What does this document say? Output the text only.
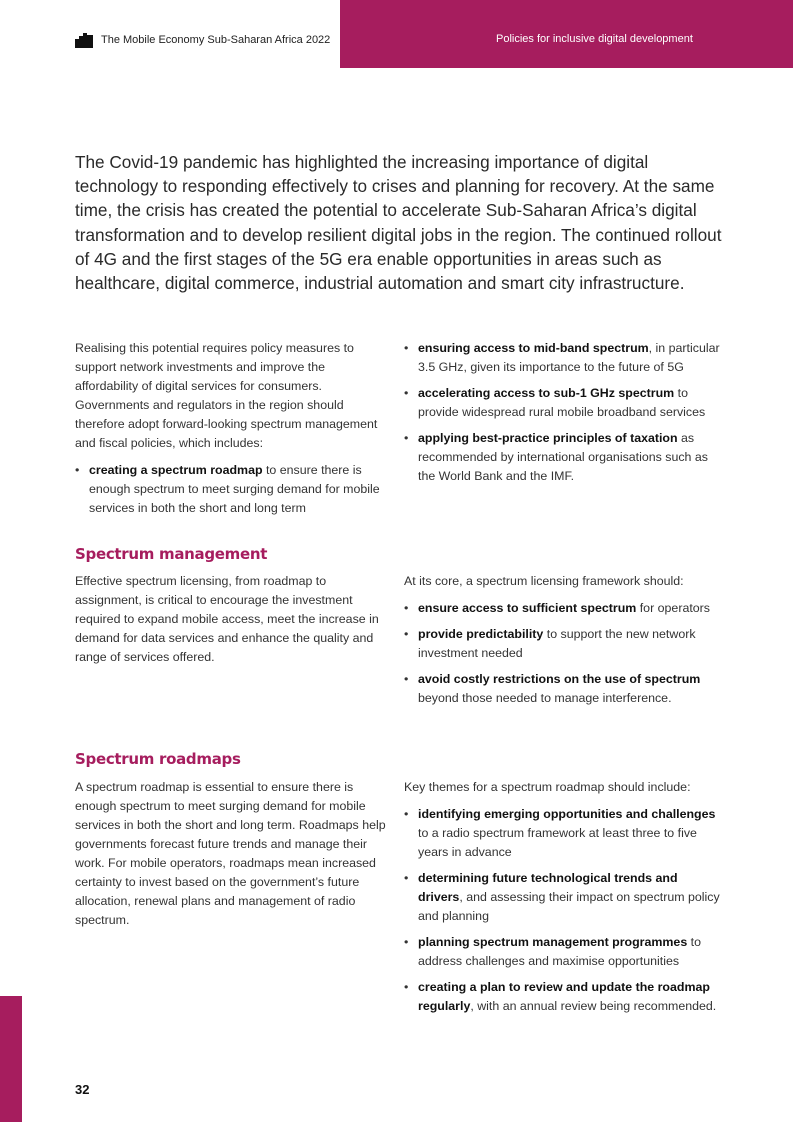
The Mobile Economy Sub-Saharan Africa 2022	Policies for inclusive digital development

The Covid-19 pandemic has highlighted the increasing importance of digital technology to responding effectively to crises and planning for recovery. At the same time, the crisis has created the potential to accelerate Sub-Saharan Africa’s digital transformation and to develop resilient digital jobs in the region. The continued rollout of 4G and the first stages of the 5G era enable opportunities in areas such as healthcare, digital commerce, industrial automation and smart city infrastructure.

Realising this potential requires policy measures to support network investments and improve the affordability of digital services for consumers. Governments and regulators in the region should therefore adopt forward-looking spectrum management and fiscal policies, which includes:

• creating a spectrum roadmap to ensure there is enough spectrum to meet surging demand for mobile services in both the short and long term
• ensuring access to mid-band spectrum, in particular 3.5 GHz, given its importance to the future of 5G
• accelerating access to sub-1 GHz spectrum to provide widespread rural mobile broadband services
• applying best-practice principles of taxation as recommended by international organisations such as the World Bank and the IMF.
Spectrum management

Effective spectrum licensing, from roadmap to assignment, is critical to encourage the investment required to expand mobile access, meet the increase in demand for data services and enhance the quality and range of services offered.

At its core, a spectrum licensing framework should:

• ensure access to sufficient spectrum for operators
• provide predictability to support the new network investment needed
• avoid costly restrictions on the use of spectrum beyond those needed to manage interference.
Spectrum roadmaps

A spectrum roadmap is essential to ensure there is enough spectrum to meet surging demand for mobile services in both the short and long term. Roadmaps help governments forecast future trends and manage their work. For mobile operators, roadmaps mean increased certainty to invest based on the government’s future allocation, renewal plans and management of radio spectrum.

Key themes for a spectrum roadmap should include:

• identifying emerging opportunities and challenges to a radio spectrum framework at least three to five years in advance
• determining future technological trends and drivers, and assessing their impact on spectrum policy and planning
• planning spectrum management programmes to address challenges and maximise opportunities
• creating a plan to review and update the roadmap regularly, with an annual review being recommended.
32
